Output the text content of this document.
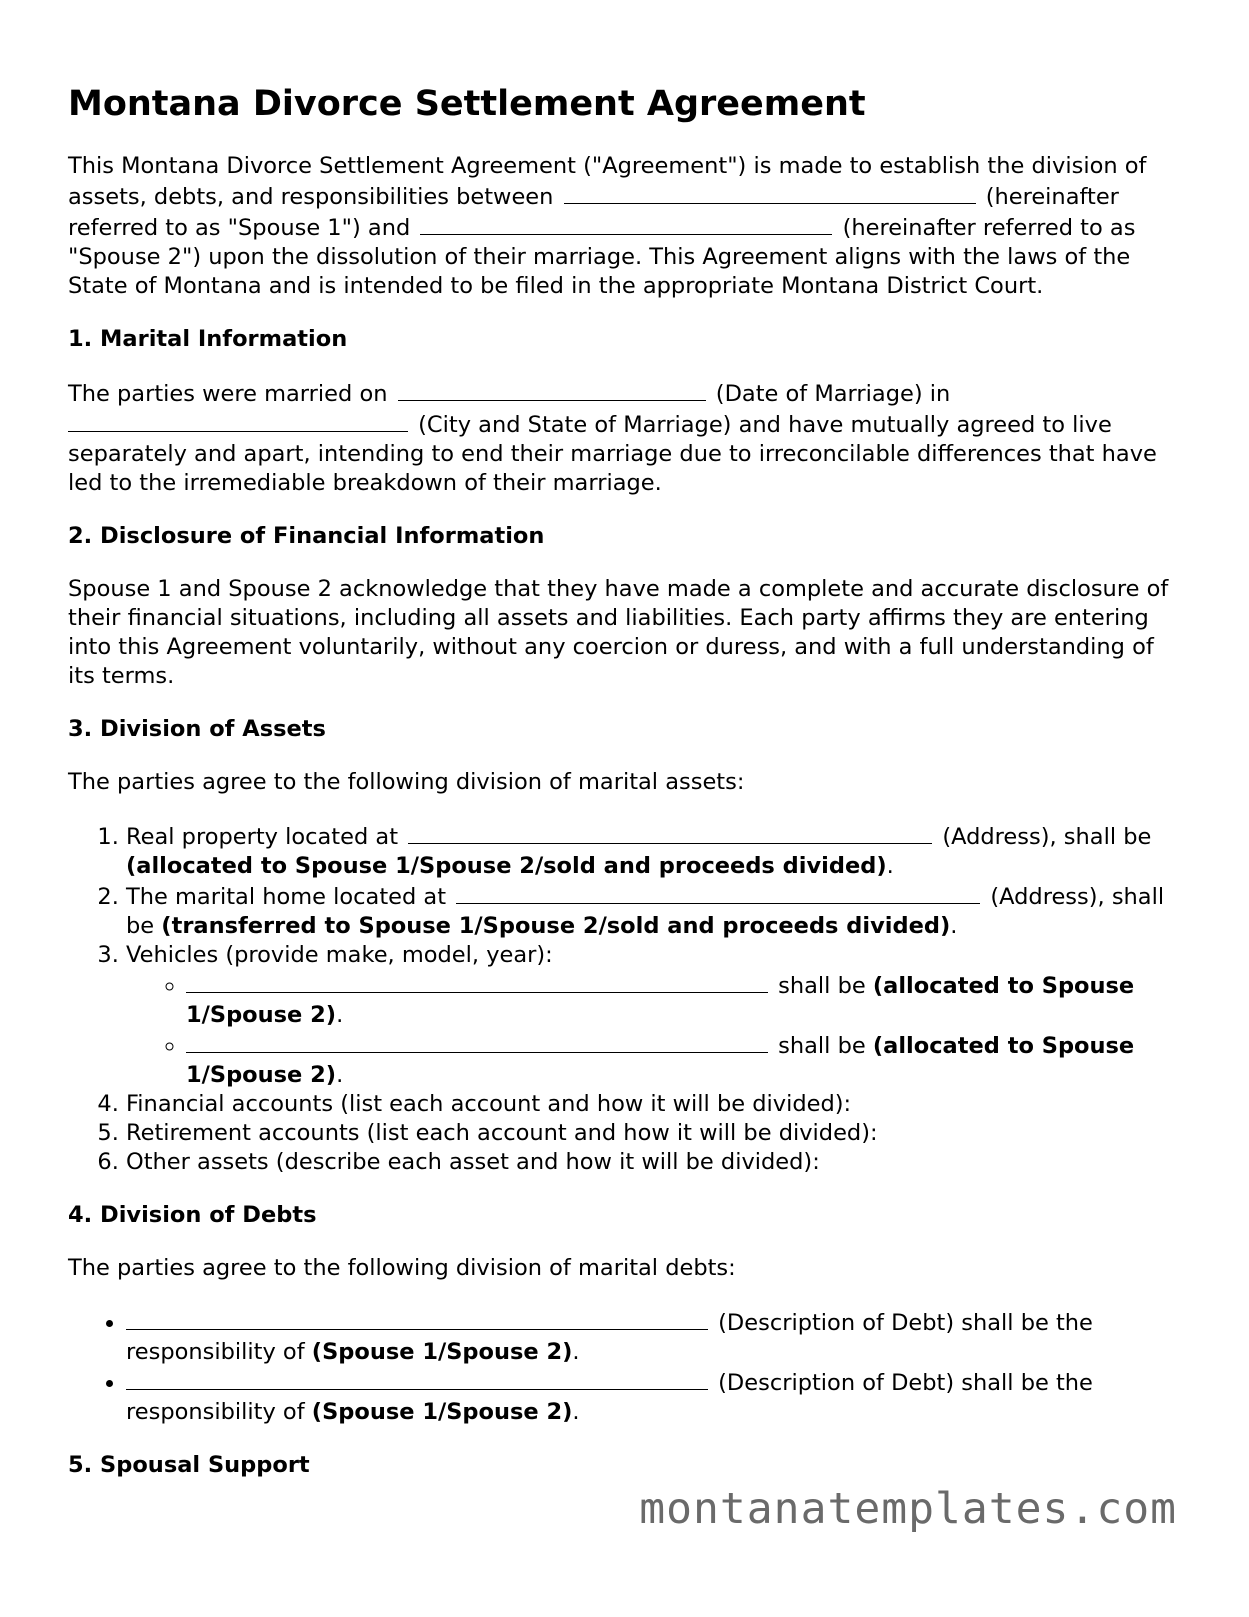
Montana Divorce Settlement Agreement

This Montana Divorce Settlement Agreement ("Agreement") is made to establish the division of assets, debts, and responsibilities between	(hereinafter referred to as "Spouse 1") and	(hereinafter referred to as "Spouse 2") upon the dissolution of their marriage. This Agreement aligns with the laws of the State of Montana and is intended to be filed in the appropriate Montana District Court.

1. Marital Information

The parties were married on	(Date of Marriage) in  (City and State of Marriage) and have mutually agreed to live separately and apart, intending to end their marriage due to irreconcilable differences that have led to the irremediable breakdown of their marriage.

2. Disclosure of Financial Information

Spouse 1 and Spouse 2 acknowledge that they have made a complete and accurate disclosure of their financial situations, including all assets and liabilities. Each party affirms they are entering into this Agreement voluntarily, without any coercion or duress, and with a full understanding of its terms.

3. Division of Assets

The parties agree to the following division of marital assets:

1. Real property located at	(Address), shall be (allocated to Spouse 1/Spouse 2/sold and proceeds divided).
2. The marital home located at	(Address), shall be (transferred to Spouse 1/Spouse 2/sold and proceeds divided).
3. Vehicles (provide make, model, year):
◦ shall be (allocated to Spouse 1/Spouse 2).
◦ shall be (allocated to Spouse 1/Spouse 2).
4. Financial accounts (list each account and how it will be divided):
5. Retirement accounts (list each account and how it will be divided):
6. Other assets (describe each asset and how it will be divided):
4. Division of Debts

The parties agree to the following division of marital debts:

• (Description of Debt) shall be the responsibility of (Spouse 1/Spouse 2).
• (Description of Debt) shall be the responsibility of (Spouse 1/Spouse 2).
5. Spousal Support
montanatemplates.com
